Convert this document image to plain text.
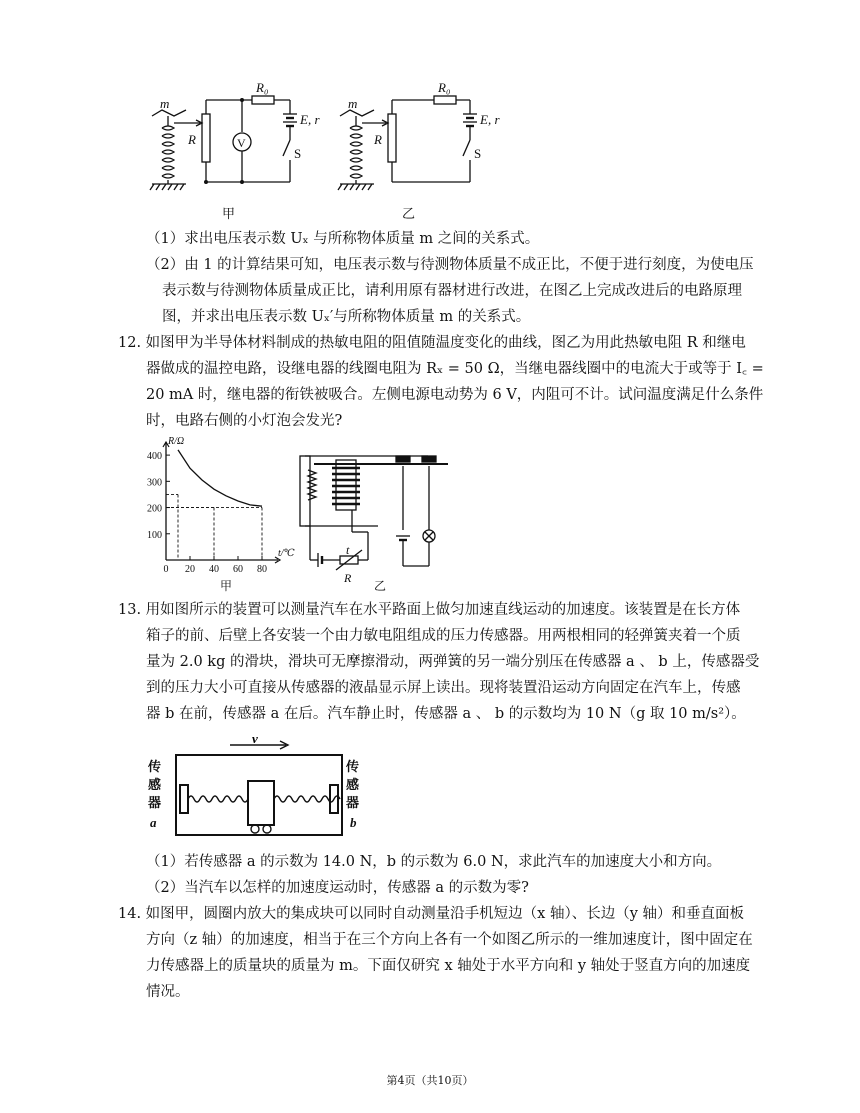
m
R
R₀
E, r
S
V
m
R
R₀
E, r
S
甲	乙
（1）求出电压表示数 Uₓ 与所称物体质量 m 之间的关系式。
（2）由 1 的计算结果可知，电压表示数与待测物体质量不成正比，不便于进行刻度，为使电压
表示数与待测物体质量成正比，请利用原有器材进行改进，在图乙上完成改进后的电路原理
图，并求出电压表示数 Uₓ′与所称物体质量 m 的关系式。
12. 如图甲为半导体材料制成的热敏电阻的阻值随温度变化的曲线，图乙为用此热敏电阻 R 和继电
器做成的温控电路，设继电器的线圈电阻为 Rₓ = 50 Ω，当继电器线圈中的电流大于或等于 I꜀ =
20 mA 时，继电器的衔铁被吸合。左侧电源电动势为 6 V，内阻可不计。试问温度满足什么条件
时，电路右侧的小灯泡会发光?
100
200
300
400
0 20 40 60 80
R/Ω
t/℃	t
R
甲	乙
13. 用如图所示的装置可以测量汽车在水平路面上做匀加速直线运动的加速度。该装置是在长方体
箱子的前、后壁上各安装一个由力敏电阻组成的压力传感器。用两根相同的轻弹簧夹着一个质
量为 2.0 kg 的滑块，滑块可无摩擦滑动，两弹簧的另一端分别压在传感器 a 、 b 上，传感器受
到的压力大小可直接从传感器的液晶显示屏上读出。现将装置沿运动方向固定在汽车上，传感
器 b 在前，传感器 a 在后。汽车静止时，传感器 a 、 b 的示数均为 10 N（g 取 10 m/s²）。
v
传
感
器
a
传
感
器
b
（1）若传感器 a 的示数为 14.0 N，b 的示数为 6.0 N，求此汽车的加速度大小和方向。
（2）当汽车以怎样的加速度运动时，传感器 a 的示数为零?
14. 如图甲，圆圈内放大的集成块可以同时自动测量沿手机短边（x 轴）、长边（y 轴）和垂直面板
方向（z 轴）的加速度，相当于在三个方向上各有一个如图乙所示的一维加速度计，图中固定在
力传感器上的质量块的质量为 m。下面仅研究 x 轴处于水平方向和 y 轴处于竖直方向的加速度
情况。
第4页（共10页）
